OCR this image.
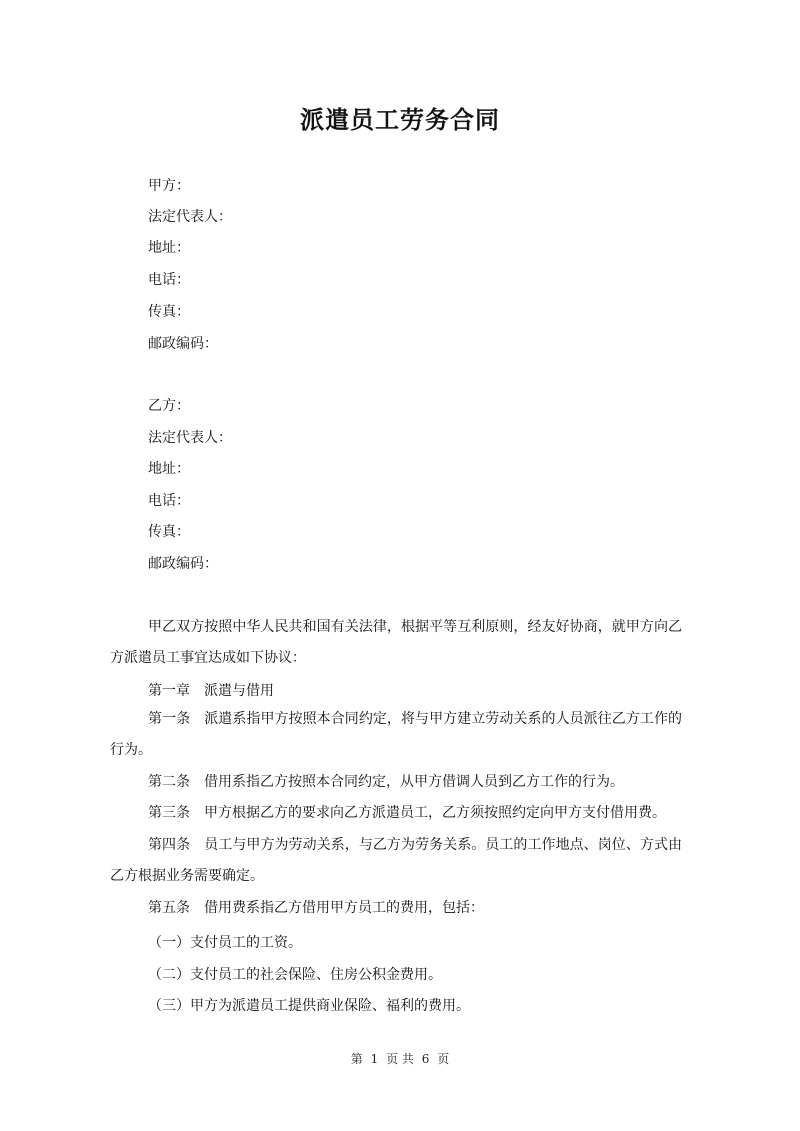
派遣员工劳务合同
甲方：
法定代表人：
地址：
电话：
传真：
邮政编码：
乙方：
法定代表人：
地址：
电话：
传真：
邮政编码：
甲乙双方按照中华人民共和国有关法律，根据平等互利原则，经友好协商，就甲方向乙方派遣员工事宜达成如下协议：
第一章 派遣与借用
第一条 派遣系指甲方按照本合同约定，将与甲方建立劳动关系的人员派往乙方工作的行为。
第二条 借用系指乙方按照本合同约定，从甲方借调人员到乙方工作的行为。
第三条 甲方根据乙方的要求向乙方派遣员工，乙方须按照约定向甲方支付借用费。
第四条 员工与甲方为劳动关系，与乙方为劳务关系。员工的工作地点、岗位、方式由乙方根据业务需要确定。
第五条 借用费系指乙方借用甲方员工的费用，包括：
（一）支付员工的工资。
（二）支付员工的社会保险、住房公积金费用。
（三）甲方为派遣员工提供商业保险、福利的费用。
第 1 页 共 6 页
